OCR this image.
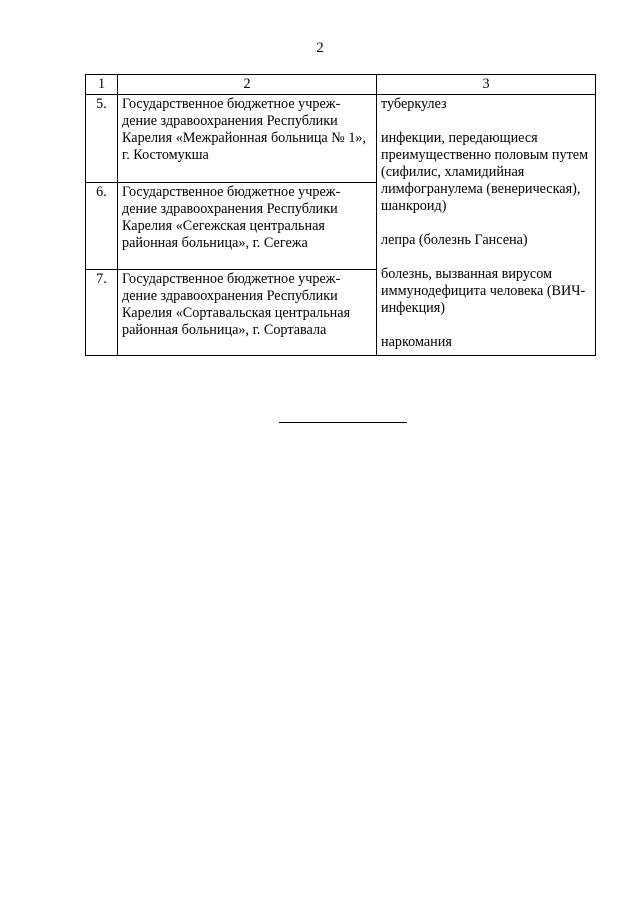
2
1	2	3
5.	Государственное бюджетное учреж-дение здравоохранения Республики Карелия «Межрайонная больница № 1», г. Костомукша	туберкулез
инфекции, передающиеся преимущественно половым путем (сифилис, хламидийная лимфогранулема (венерическая), шанкроид)
лепра (болезнь Гансена)
болезнь, вызванная вирусом иммунодефицита человека (ВИЧ-инфекция)
наркомания

6.	Государственное бюджетное учреж-дение здравоохранения Республики Карелия «Сегежская центральная районная больница», г. Сегежа	
7.	Государственное бюджетное учреж-дение здравоохранения Республики Карелия «Сортавальская центральная районная больница», г. Сортавала	
